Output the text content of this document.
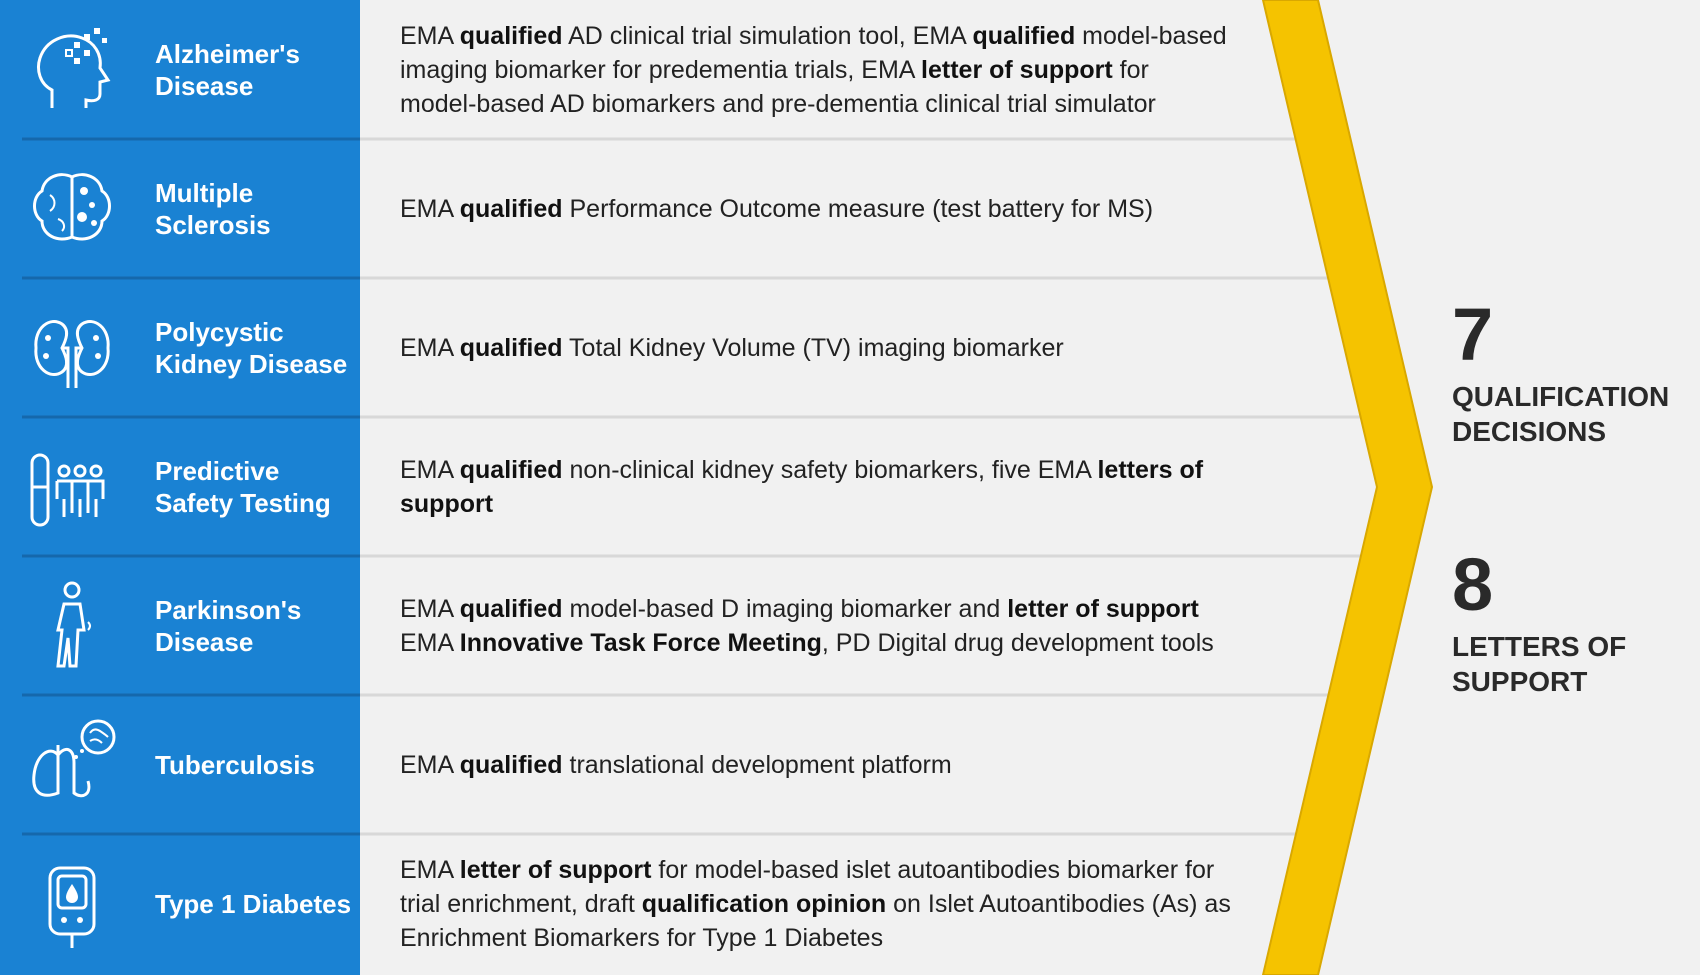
Alzheimer's Disease
EMA qualified AD clinical trial simulation tool, EMA qualified model-based
imaging biomarker for predementia trials, EMA letter of support for
model-based AD biomarkers and pre-dementia clinical trial simulator
Multiple Sclerosis
EMA qualified Performance Outcome measure (test battery for MS)
Polycystic Kidney Disease
EMA qualified Total Kidney Volume (TV) imaging biomarker
Predictive Safety Testing
EMA qualified non-clinical kidney safety biomarkers, five EMA letters of support
Parkinson's Disease
EMA qualified model-based D imaging biomarker and letter of support
EMA Innovative Task Force Meeting, PD Digital drug development tools
Tuberculosis	EMA qualified translational development platform
Type 1 Diabetes
EMA letter of support for model-based islet autoantibodies biomarker for
trial enrichment, draft qualification opinion on Islet Autoantibodies (As) as
Enrichment Biomarkers for Type 1 Diabetes
7
QUALIFICATION DECISIONS
8
LETTERS OF SUPPORT
